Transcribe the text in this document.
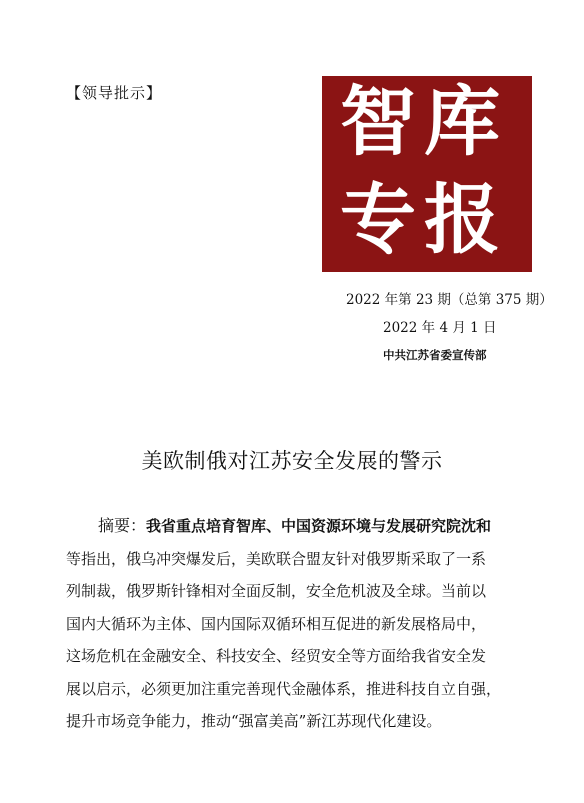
【领导批示】 智库
专报
2022 年第 23 期（总第 375 期）
2022 年 4 月 1 日
中共江苏省委宣传部
美欧制俄对江苏安全发展的警示
摘要：我省重点培育智库、中国资源环境与发展研究院沈和
等指出，俄乌冲突爆发后，美欧联合盟友针对俄罗斯采取了一系
列制裁，俄罗斯针锋相对全面反制，安全危机波及全球。当前以
国内大循环为主体、国内国际双循环相互促进的新发展格局中，
这场危机在金融安全、科技安全、经贸安全等方面给我省安全发
展以启示，必须更加注重完善现代金融体系，推进科技自立自强，
提升市场竞争能力，推动“强富美高”新江苏现代化建设。
